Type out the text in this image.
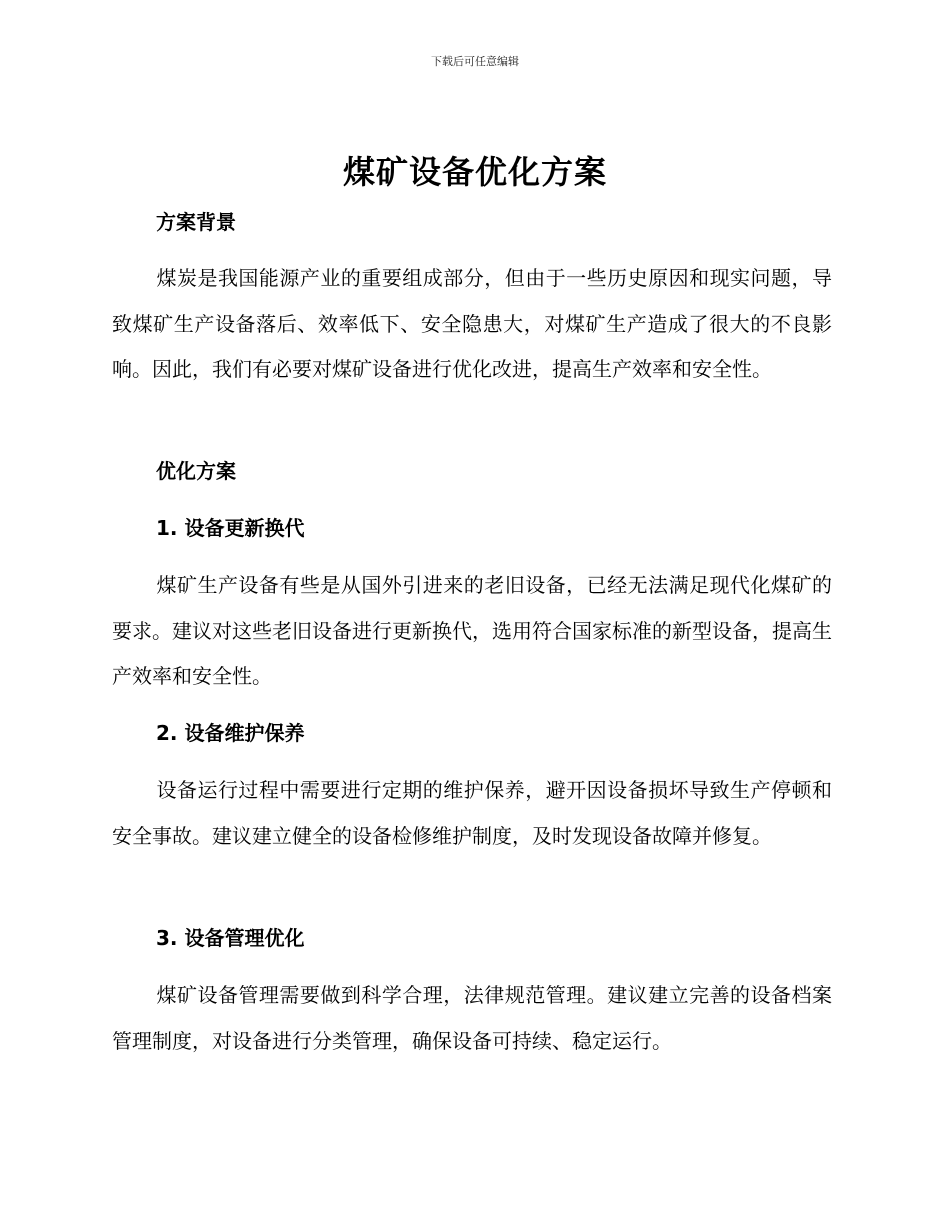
下载后可任意编辑
煤矿设备优化方案
方案背景

煤炭是我国能源产业的重要组成部分，但由于一些历史原因和现实问题，导致煤矿生产设备落后、效率低下、安全隐患大，对煤矿生产造成了很大的不良影响。因此，我们有必要对煤矿设备进行优化改进，提高生产效率和安全性。

优化方案
1. 设备更新换代

煤矿生产设备有些是从国外引进来的老旧设备，已经无法满足现代化煤矿的要求。建议对这些老旧设备进行更新换代，选用符合国家标准的新型设备，提高生产效率和安全性。

2. 设备维护保养

设备运行过程中需要进行定期的维护保养，避开因设备损坏导致生产停顿和安全事故。建议建立健全的设备检修维护制度，及时发现设备故障并修复。

3. 设备管理优化

煤矿设备管理需要做到科学合理，法律规范管理。建议建立完善的设备档案管理制度，对设备进行分类管理，确保设备可持续、稳定运行。
